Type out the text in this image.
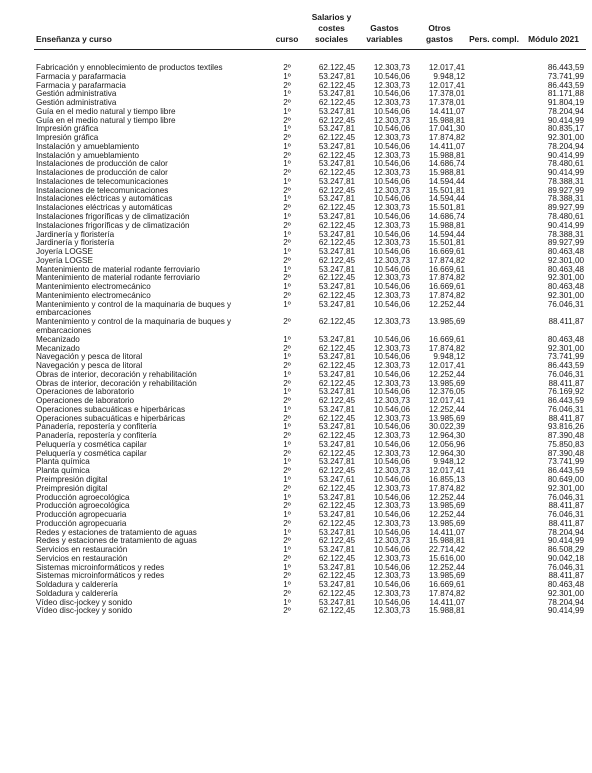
Enseñanza y curso	curso	Salarios y costes sociales	Gastos variables	Otros gastos	Pers. compl.	Módulo 2021

Fabricación y ennoblecimiento de productos textiles	2º	62.122,45	12.303,73	12.017,41		86.443,59
Farmacia y parafarmacia	1º	53.247,81	10.546,06	9.948,12		73.741,99
Farmacia y parafarmacia	2º	62.122,45	12.303,73	12.017,41		86.443,59
Gestión administrativa	1º	53.247,81	10.546,06	17.378,01		81.171,88
Gestión administrativa	2º	62.122,45	12.303,73	17.378,01		91.804,19
Guía en el medio natural y tiempo libre	1º	53.247,81	10.546,06	14.411,07		78.204,94
Guía en el medio natural y tiempo libre	2º	62.122,45	12.303,73	15.988,81		90.414,99
Impresión gráfica	1º	53.247,81	10.546,06	17.041,30		80.835,17
Impresión gráfica	2º	62.122,45	12.303,73	17.874,82		92.301,00
Instalación y amueblamiento	1º	53.247,81	10.546,06	14.411,07		78.204,94
Instalación y amueblamiento	2º	62.122,45	12.303,73	15.988,81		90.414,99
Instalaciones de producción de calor	1º	53.247,81	10.546,06	14.686,74		78.480,61
Instalaciones de producción de calor	2º	62.122,45	12.303,73	15.988,81		90.414,99
Instalaciones de telecomunicaciones	1º	53.247,81	10.546,06	14.594,44		78.388,31
Instalaciones de telecomunicaciones	2º	62.122,45	12.303,73	15.501,81		89.927,99
Instalaciones eléctricas y automáticas	1º	53.247,81	10.546,06	14.594,44		78.388,31
Instalaciones eléctricas y automáticas	2º	62.122,45	12.303,73	15.501,81		89.927,99
Instalaciones frigoríficas y de climatización	1º	53.247,81	10.546,06	14.686,74		78.480,61
Instalaciones frigoríficas y de climatización	2º	62.122,45	12.303,73	15.988,81		90.414,99
Jardinería y floristería	1º	53.247,81	10.546,06	14.594,44		78.388,31
Jardinería y floristería	2º	62.122,45	12.303,73	15.501,81		89.927,99
Joyería LOGSE	1º	53.247,81	10.546,06	16.669,61		80.463,48
Joyería LOGSE	2º	62.122,45	12.303,73	17.874,82		92.301,00
Mantenimiento de material rodante ferroviario	1º	53.247,81	10.546,06	16.669,61		80.463,48
Mantenimiento de material rodante ferroviario	2º	62.122,45	12.303,73	17.874,82		92.301,00
Mantenimiento electromecánico	1º	53.247,81	10.546,06	16.669,61		80.463,48
Mantenimiento electromecánico	2º	62.122,45	12.303,73	17.874,82		92.301,00
Mantenimiento y control de la maquinaria de buques y embarcaciones	1º	53.247,81	10.546,06	12.252,44		76.046,31
Mantenimiento y control de la maquinaria de buques y embarcaciones	2º	62.122,45	12.303,73	13.985,69		88.411,87
Mecanizado	1º	53.247,81	10.546,06	16.669,61		80.463,48
Mecanizado	2º	62.122,45	12.303,73	17.874,82		92.301,00
Navegación y pesca de litoral	1º	53.247,81	10.546,06	9.948,12		73.741,99
Navegación y pesca de litoral	2º	62.122,45	12.303,73	12.017,41		86.443,59
Obras de interior, decoración y rehabilitación	1º	53.247,81	10.546,06	12.252,44		76.046,31
Obras de interior, decoración y rehabilitación	2º	62.122,45	12.303,73	13.985,69		88.411,87
Operaciones de laboratorio	1º	53.247,81	10.546,06	12.376,05		76.169,92
Operaciones de laboratorio	2º	62.122,45	12.303,73	12.017,41		86.443,59
Operaciones subacuáticas e hiperbáricas	1º	53.247,81	10.546,06	12.252,44		76.046,31
Operaciones subacuáticas e hiperbáricas	2º	62.122,45	12.303,73	13.985,69		88.411,87
Panadería, repostería y confitería	1º	53.247,81	10.546,06	30.022,39		93.816,26
Panadería, repostería y confitería	2º	62.122,45	12.303,73	12.964,30		87.390,48
Peluquería y cosmética capilar	1º	53.247,81	10.546,06	12.056,96		75.850,83
Peluquería y cosmética capilar	2º	62.122,45	12.303,73	12.964,30		87.390,48
Planta química	1º	53.247,81	10.546,06	9.948,12		73.741,99
Planta química	2º	62.122,45	12.303,73	12.017,41		86.443,59
Preimpresión digital	1º	53.247,61	10.546,06	16.855,13		80.649,00
Preimpresión digital	2º	62.122,45	12.303,73	17.874,82		92.301,00
Producción agroecológica	1º	53.247,81	10.546,06	12.252,44		76.046,31
Producción agroecológica	2º	62.122,45	12.303,73	13.985,69		88.411,87
Producción agropecuaria	1º	53.247,81	10.546,06	12.252,44		76.046,31
Producción agropecuaria	2º	62.122,45	12.303,73	13.985,69		88.411,87
Redes y estaciones de tratamiento de aguas	1º	53.247,81	10.546,06	14.411,07		78.204,94
Redes y estaciones de tratamiento de aguas	2º	62.122,45	12.303,73	15.988,81		90.414,99
Servicios en restauración	1º	53.247,81	10.546,06	22.714,42		86.508,29
Servicios en restauración	2º	62.122,45	12.303,73	15.616,00		90.042,18
Sistemas microinformáticos y redes	1º	53.247,81	10.546,06	12.252,44		76.046,31
Sistemas microinformáticos y redes	2º	62.122,45	12.303,73	13.985,69		88.411,87
Soldadura y calderería	1º	53.247,81	10.546,06	16.669,61		80.463,48
Soldadura y calderería	2º	62.122,45	12.303,73	17.874,82		92.301,00
Vídeo disc-jockey y sonido	1º	53.247,81	10.546,06	14.411,07		78.204,94
Vídeo disc-jockey y sonido	2º	62.122,45	12.303,73	15.988,81		90.414,99
